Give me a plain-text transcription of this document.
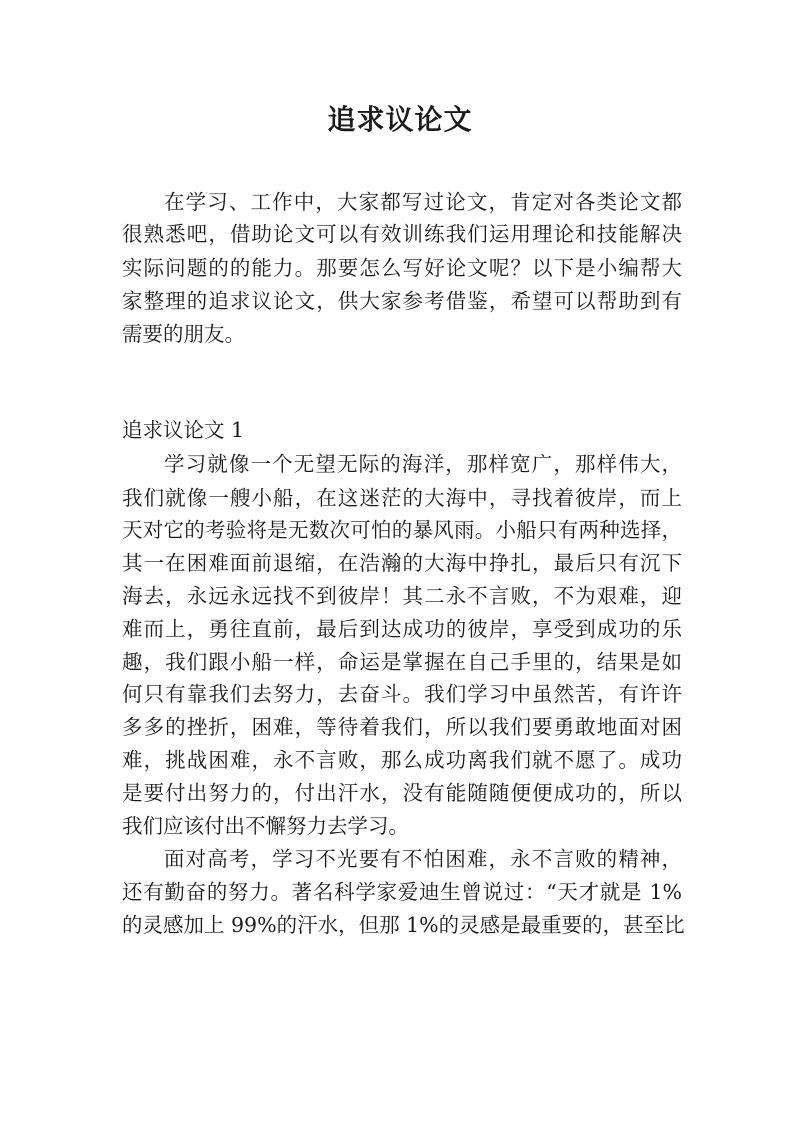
追求议论文

在学习、工作中，大家都写过论文，肯定对各类论文都

很熟悉吧，借助论文可以有效训练我们运用理论和技能解决

实际问题的的能力。那要怎么写好论文呢？以下是小编帮大

家整理的追求议论文，供大家参考借鉴，希望可以帮助到有

需要的朋友。

追求议论文 1

学习就像一个无望无际的海洋，那样宽广，那样伟大，

我们就像一艘小船，在这迷茫的大海中，寻找着彼岸，而上

天对它的考验将是无数次可怕的暴风雨。小船只有两种选择，

其一在困难面前退缩，在浩瀚的大海中挣扎，最后只有沉下

海去，永远永远找不到彼岸！其二永不言败，不为艰难，迎

难而上，勇往直前，最后到达成功的彼岸，享受到成功的乐

趣，我们跟小船一样，命运是掌握在自己手里的，结果是如

何只有靠我们去努力，去奋斗。我们学习中虽然苦，有许许

多多的挫折，困难，等待着我们，所以我们要勇敢地面对困

难，挑战困难，永不言败，那么成功离我们就不愿了。成功

是要付出努力的，付出汗水，没有能随随便便成功的，所以

我们应该付出不懈努力去学习。

面对高考，学习不光要有不怕困难，永不言败的精神，

还有勤奋的努力。著名科学家爱迪生曾说过：“天才就是 1%

的灵感加上 99%的汗水，但那 1%的灵感是最重要的，甚至比
